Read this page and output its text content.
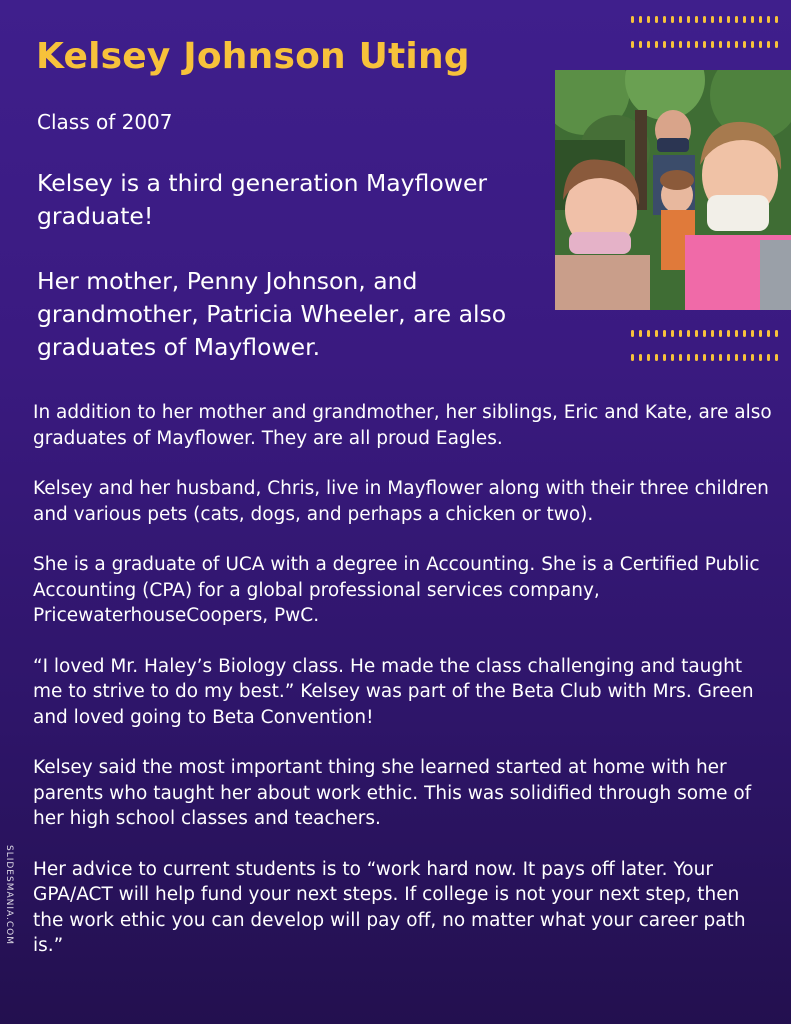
Kelsey Johnson Uting
Class of 2007

Kelsey is a third generation Mayflower graduate!

Her mother, Penny Johnson, and grandmother, Patricia Wheeler, are also graduates of Mayflower.

In addition to her mother and grandmother, her siblings, Eric and Kate, are also graduates of Mayflower. They are all proud Eagles.

Kelsey and her husband, Chris, live in Mayflower along with their three children and various pets (cats, dogs, and perhaps a chicken or two).

She is a graduate of UCA with a degree in Accounting. She is a Certified Public Accounting (CPA) for a global professional services company, PricewaterhouseCoopers, PwC.

“I loved Mr. Haley’s Biology class. He made the class challenging and taught me to strive to do my best.” Kelsey was part of the Beta Club with Mrs. Green and loved going to Beta Convention!

Kelsey said the most important thing she learned started at home with her parents who taught her about work ethic. This was solidified through some of her high school classes and teachers.

Her advice to current students is to “work hard now. It pays off later. Your GPA/ACT will help fund your next steps. If college is not your next step, then the work ethic you can develop will pay off, no matter what your career path is.”

SLIDESMANIA.COM
